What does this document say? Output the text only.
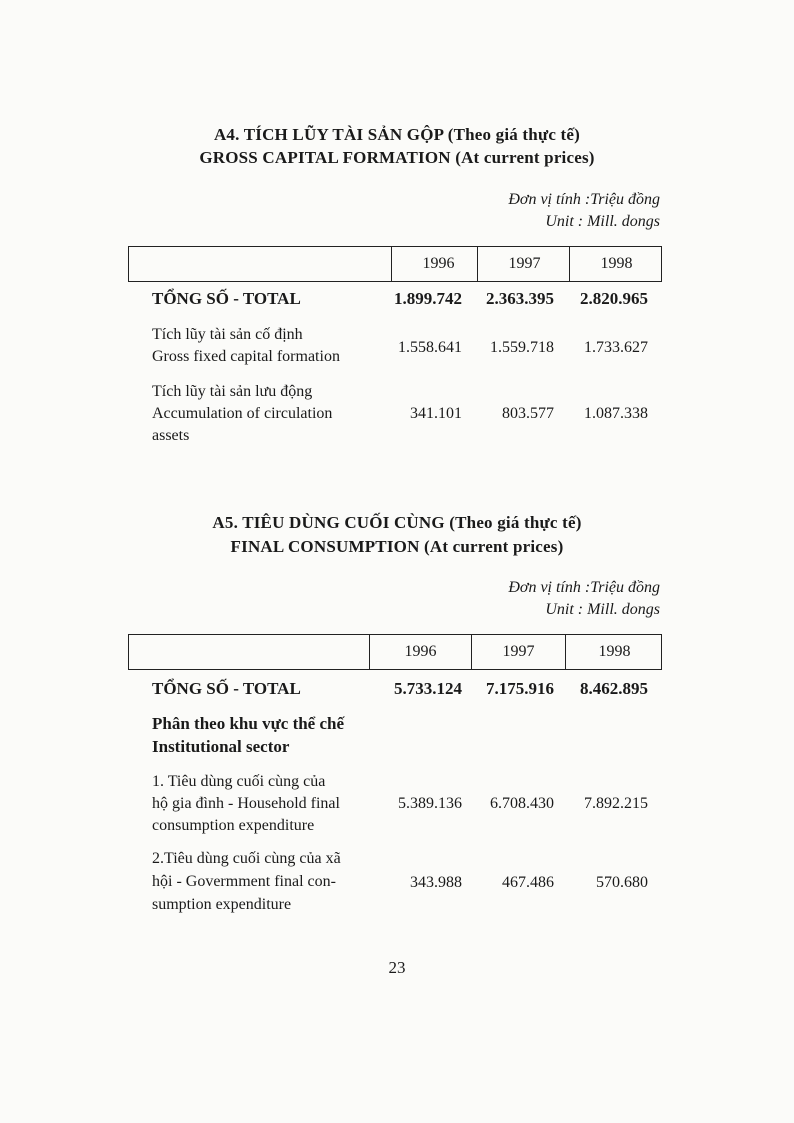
A4. TÍCH LŨY TÀI SẢN GỘP (Theo giá thực tế)
GROSS CAPITAL FORMATION (At current prices)
Đơn vị tính :Triệu đồng
Unit : Mill. dongs
1996	1997	1998
TỔNG SỐ - TOTAL	1.899.742 2.363.395 2.820.965
Tích lũy tài sản cố định
Gross fixed capital formation
1.558.641 1.559.718 1.733.627
Tích lũy tài sản lưu động
Accumulation of circulation
assets
341.101	803.577 1.087.338
A5. TIÊU DÙNG CUỐI CÙNG (Theo giá thực tế)
FINAL CONSUMPTION (At current prices)
Đơn vị tính :Triệu đồng
Unit : Mill. dongs
1996	1997	1998
TỔNG SỐ - TOTAL	5.733.124 7.175.916 8.462.895
Phân theo khu vực thể chế
Institutional sector
1. Tiêu dùng cuối cùng của
hộ gia đình - Household final
consumption expenditure
5.389.136 6.708.430 7.892.215
2.Tiêu dùng cuối cùng của xã
hội - Govermment final con-
sumption expenditure
343.988	467.486	570.680
23
